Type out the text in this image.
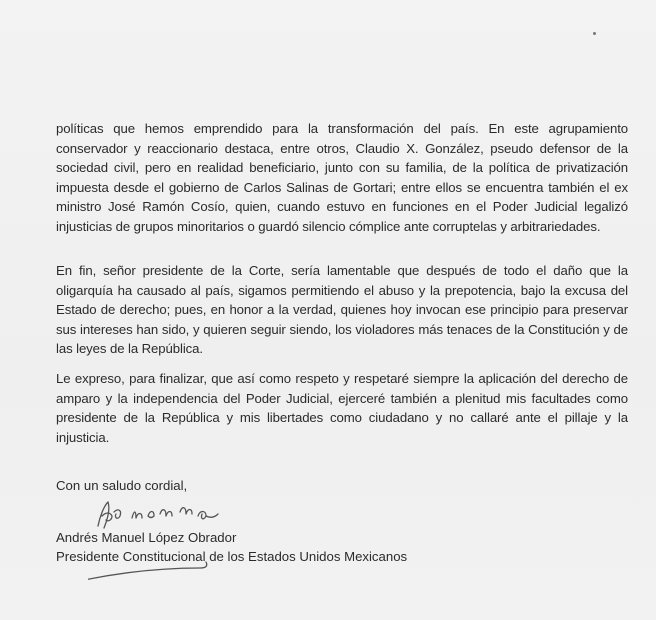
políticas que hemos emprendido para la transformación del país. En este agrupamiento conservador y reaccionario destaca, entre otros, Claudio X. González, pseudo defensor de la sociedad civil, pero en realidad beneficiario, junto con su familia, de la política de privatización impuesta desde el gobierno de Carlos Salinas de Gortari; entre ellos se encuentra también el ex ministro José Ramón Cosío, quien, cuando estuvo en funciones en el Poder Judicial legalizó injusticias de grupos minoritarios o guardó silencio cómplice ante corruptelas y arbitrariedades.

En fin, señor presidente de la Corte, sería lamentable que después de todo el daño que la oligarquía ha causado al país, sigamos permitiendo el abuso y la prepotencia, bajo la excusa del Estado de derecho; pues, en honor a la verdad, quienes hoy invocan ese principio para preservar sus intereses han sido, y quieren seguir siendo, los violadores más tenaces de la Constitución y de las leyes de la República.

Le expreso, para finalizar, que así como respeto y respetaré siempre la aplicación del derecho de amparo y la independencia del Poder Judicial, ejerceré también a plenitud mis facultades como presidente de la República y mis libertades como ciudadano y no callaré ante el pillaje y la injusticia.

Con un saludo cordial,
Andrés Manuel López Obrador
Presidente Constitucional de los Estados Unidos Mexicanos
